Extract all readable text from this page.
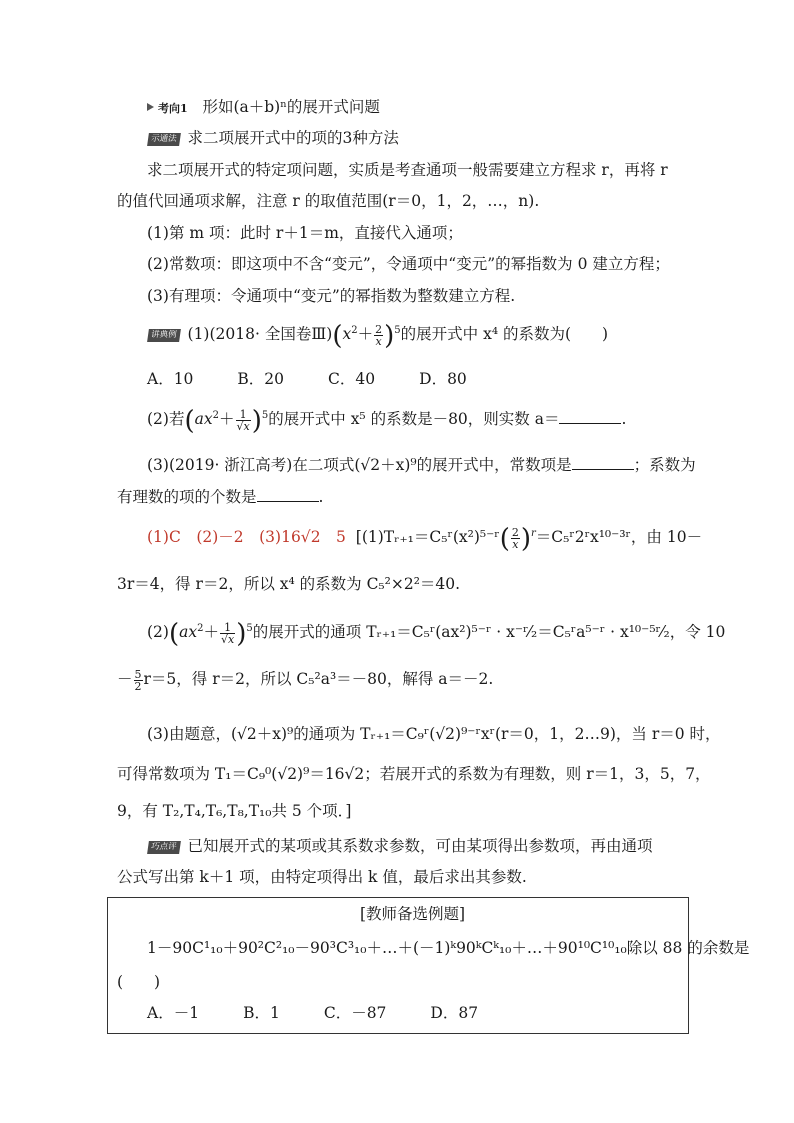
考向1 形如(a＋b)ⁿ的展开式问题
示通法 求二项展开式中的项的3种方法
求二项展开式的特定项问题，实质是考查通项一般需要建立方程求 r，再将 r
的值代回通项求解，注意 r 的取值范围(r＝0，1，2，…，n).
(1)第 m 项：此时 r＋1＝m，直接代入通项；
(2)常数项：即这项中不含“变元”，令通项中“变元”的幂指数为 0 建立方程；
(3)有理项：令通项中“变元”的幂指数为整数建立方程.
讲典例 (1)(2018· 全国卷$Ⅲ)(x^2+ \frac{2}{x} )^5$的展开式中 x⁴ 的系数为(　　)
A．10	B．20	C．40	D．80
(2)若$(ax^2+ \frac{1}{√x} )^5$的展开式中 x⁵ 的系数是－80，则实数 a＝	.
(3)(2019· 浙江高考)在二项式(√2＋x)⁹的展开式中，常数项是	；系数为
有理数的项的个数是	.
(1)C　(2)－2　(3)16√2　5 [(1)Tᵣ₊₁＝C₅ʳ(x²)⁵⁻ʳ( $\frac{2}{x}$ )$^r$＝C₅ʳ2ʳx¹⁰⁻³ʳ，由 10－
3r＝4，得 r＝2，所以 x⁴ 的系数为 C₅²×2²＝40.
$(2)(ax^2+ \frac{1}{√x} )^5$的展开式的通项 Tᵣ₊₁＝C₅ʳ(ax²)⁵⁻ʳ · x⁻ʳ⁄₂＝C₅ʳa⁵⁻ʳ · x¹⁰⁻⁵ʳ⁄₂，令 10
－ $\frac{5}{2} r=5$，得 r＝2，所以 C₅²a³＝－80，解得 a＝－2.
(3)由题意，(√2＋x)⁹的通项为 Tᵣ₊₁＝C₉ʳ(√2)⁹⁻ʳxʳ(r＝0，1，2…9)，当 r＝0 时，
可得常数项为 T₁＝C₉⁰(√2)⁹＝16√2；若展开式的系数为有理数，则 r＝1，3，5，7，
9，有 T₂,T₄,T₆,T₈,T₁₀共 5 个项．]
巧点评 已知展开式的某项或其系数求参数，可由某项得出参数项，再由通项
公式写出第 k＋1 项，由特定项得出 k 值，最后求出其参数.
[教师备选例题]
1－90C¹₁₀＋90²C²₁₀－90³C³₁₀＋…＋(－1)ᵏ90ᵏCᵏ₁₀＋…＋90¹⁰C¹⁰₁₀除以 88 的余数是
(　　)
A．－1	B．1	C．－87	D．87
